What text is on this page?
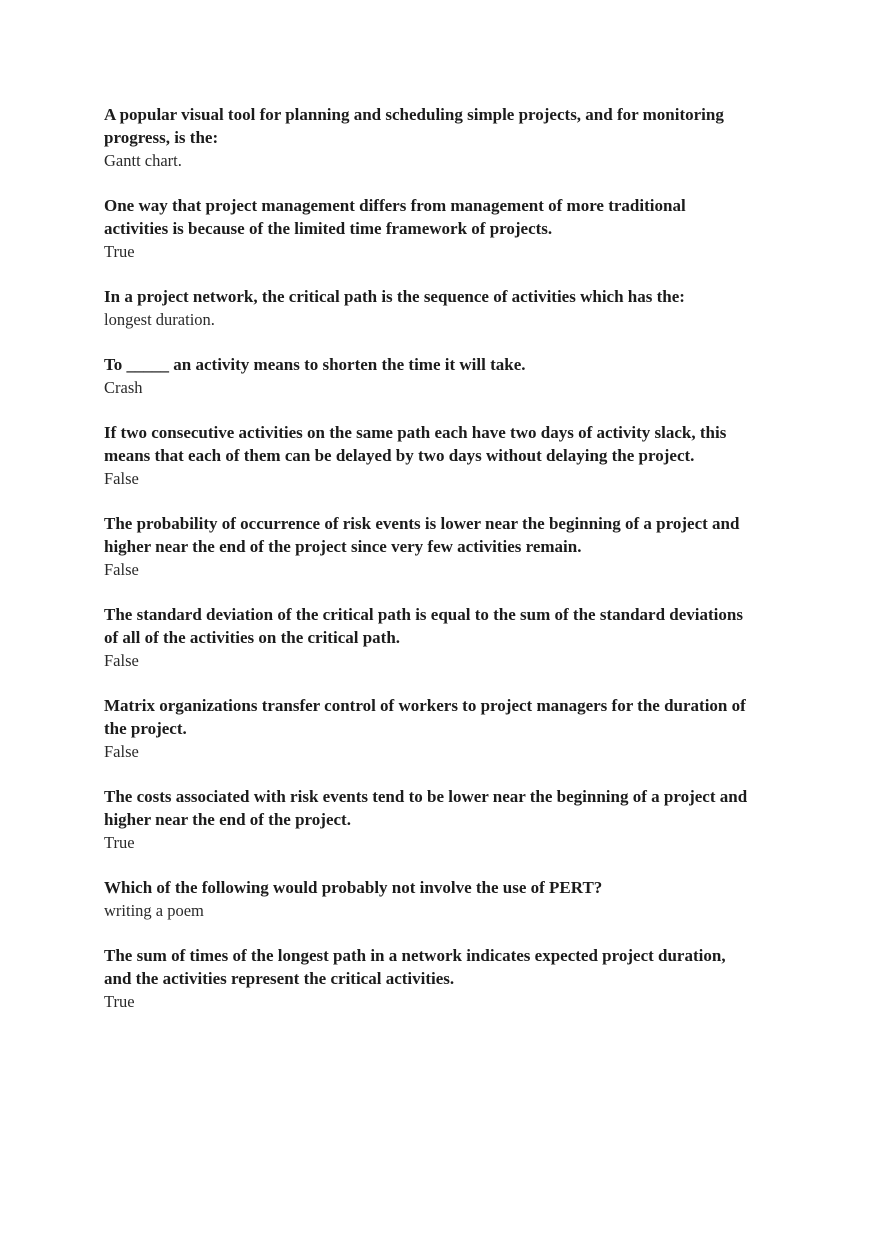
A popular visual tool for planning and scheduling simple projects, and for monitoring progress, is the:

Gantt chart.

One way that project management differs from management of more traditional activities is because of the limited time framework of projects.

True

In a project network, the critical path is the sequence of activities which has the:

longest duration.

To _____ an activity means to shorten the time it will take.

Crash

If two consecutive activities on the same path each have two days of activity slack, this means that each of them can be delayed by two days without delaying the project.

False

The probability of occurrence of risk events is lower near the beginning of a project and higher near the end of the project since very few activities remain.

False

The standard deviation of the critical path is equal to the sum of the standard deviations of all of the activities on the critical path.

False

Matrix organizations transfer control of workers to project managers for the duration of the project.

False

The costs associated with risk events tend to be lower near the beginning of a project and higher near the end of the project.

True

Which of the following would probably not involve the use of PERT?

writing a poem

The sum of times of the longest path in a network indicates expected project duration, and the activities represent the critical activities.

True
